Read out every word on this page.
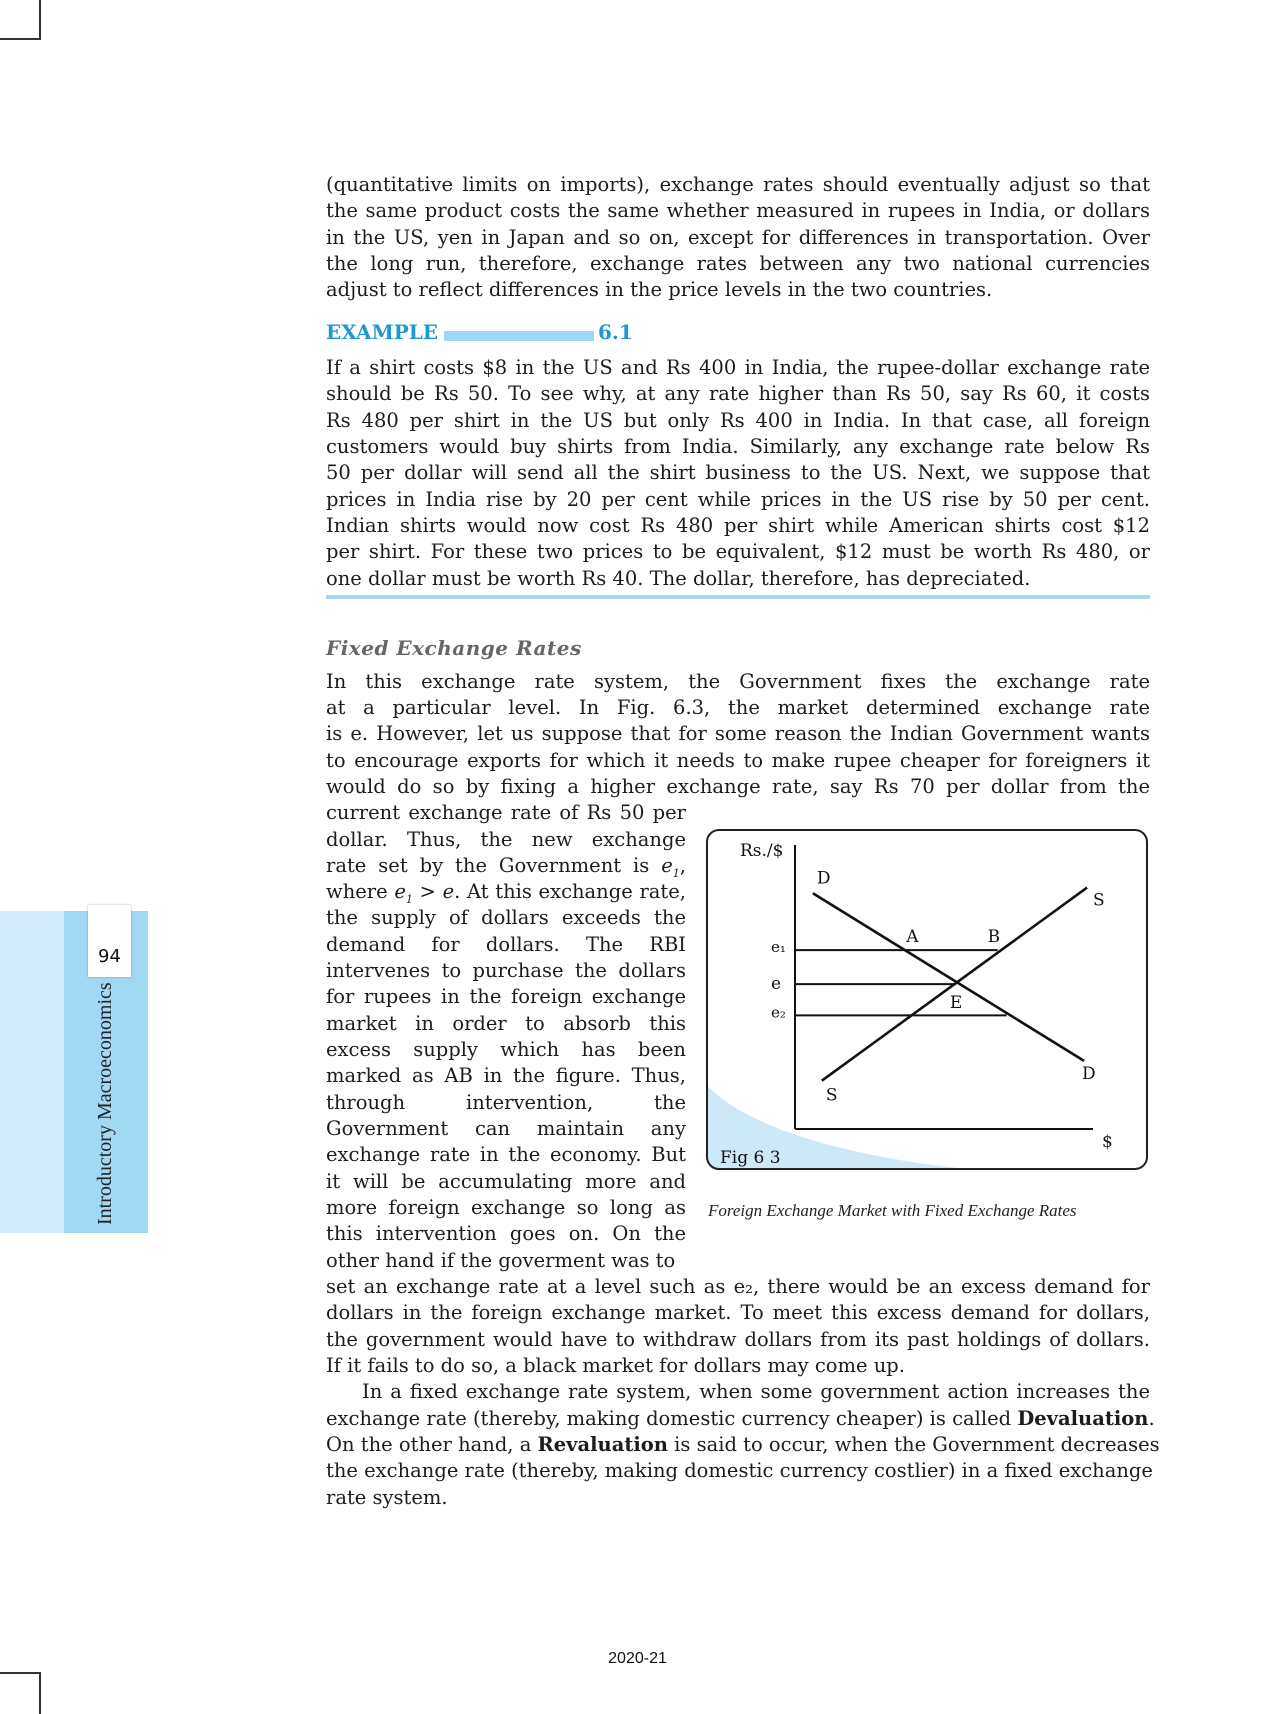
94
Introductory Macroeconomics
(quantitative limits on imports), exchange rates should eventually adjust so that
the same product costs the same whether measured in rupees in India, or dollars
in the US, yen in Japan and so on, except for differences in transportation. Over
the long run, therefore, exchange rates between any two national currencies
adjust to reflect differences in the price levels in the two countries.
EXAMPLE	6.1
If a shirt costs $8 in the US and Rs 400 in India, the rupee-dollar exchange rate
should be Rs 50. To see why, at any rate higher than Rs 50, say Rs 60, it costs
Rs 480 per shirt in the US but only Rs 400 in India. In that case, all foreign
customers would buy shirts from India. Similarly, any exchange rate below Rs
50 per dollar will send all the shirt business to the US. Next, we suppose that
prices in India rise by 20 per cent while prices in the US rise by 50 per cent.
Indian shirts would now cost Rs 480 per shirt while American shirts cost $12
per shirt. For these two prices to be equivalent, $12 must be worth Rs 480, or
one dollar must be worth Rs 40. The dollar, therefore, has depreciated.
Fixed Exchange Rates
In this exchange rate system, the Government fixes the exchange rate
at a particular level. In Fig. 6.3, the market determined exchange rate
is e. However, let us suppose that for some reason the Indian Government wants
to encourage exports for which it needs to make rupee cheaper for foreigners it
would do so by fixing a higher exchange rate, say Rs 70 per dollar from the
current exchange rate of Rs 50 per
dollar. Thus, the new exchange
rate set by the Government is $e_1$,
where $e_1 > e$. At this exchange rate,
the supply of dollars exceeds the
demand for dollars. The RBI
intervenes to purchase the dollars
for rupees in the foreign exchange
market in order to absorb this
excess supply which has been
marked as AB in the figure. Thus,
through intervention, the
Government can maintain any
exchange rate in the economy. But
it will be accumulating more and
more foreign exchange so long as
this intervention goes on. On the
other hand if the goverment was to
set an exchange rate at a level such as e₂, there would be an excess demand for
dollars in the foreign exchange market. To meet this excess demand for dollars,
the government would have to withdraw dollars from its past holdings of dollars.
If it fails to do so, a black market for dollars may come up.
In a fixed exchange rate system, when some government action increases the
exchange rate (thereby, making domestic currency cheaper) is called Devaluation.
On the other hand, a Revaluation is said to occur, when the Government decreases
the exchange rate (thereby, making domestic currency costlier) in a fixed exchange
rate system.
D
D
S
S
e₁
e
e₂
A	B
E
Rs./$
$
Fig 6 3
Foreign Exchange Market with Fixed Exchange Rates
2020-21
